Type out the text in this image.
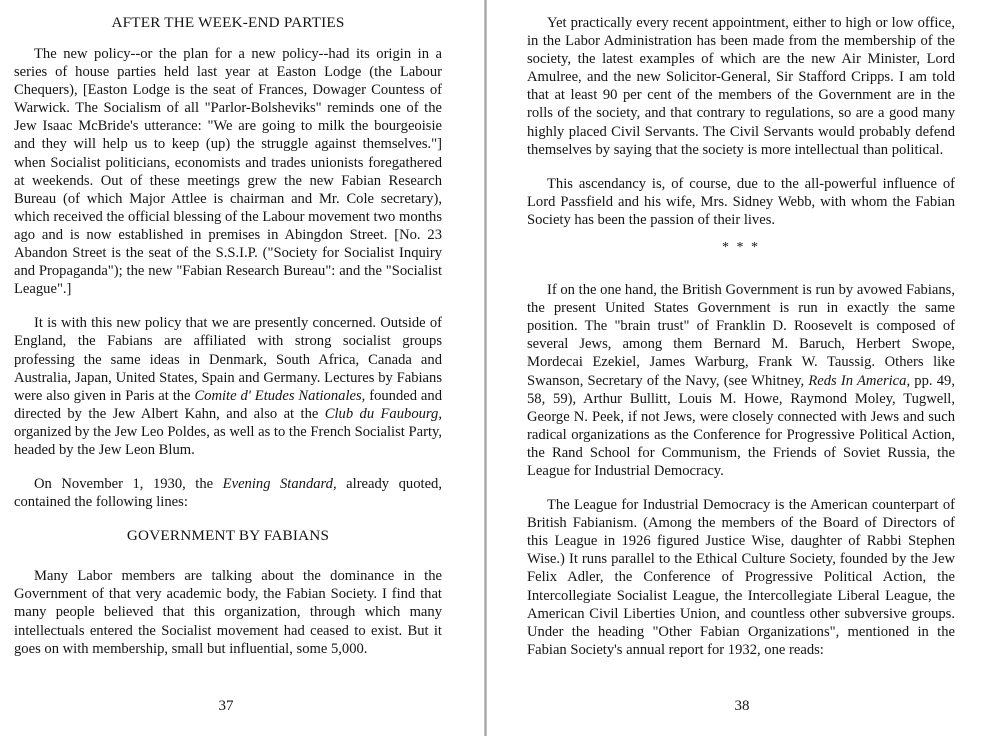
AFTER THE WEEK-END PARTIES

The new policy--or the plan for a new policy--had its origin in a series of house parties held last year at Easton Lodge (the Labour Chequers), [Easton Lodge is the seat of Frances, Dowager Countess of Warwick. The Socialism of all "Parlor-Bolsheviks" reminds one of the Jew Isaac McBride's utterance: "We are going to milk the bourgeoisie and they will help us to keep (up) the struggle against themselves."] when Socialist politicians, economists and trades unionists foregathered at weekends. Out of these meetings grew the new Fabian Research Bureau (of which Major Attlee is chairman and Mr. Cole secretary), which received the official blessing of the Labour movement two months ago and is now established in premises in Abingdon Street. [No. 23 Abandon Street is the seat of the S.S.I.P. ("Society for Socialist Inquiry and Propaganda"); the new "Fabian Research Bureau": and the "Socialist League".]

It is with this new policy that we are presently concerned. Outside of England, the Fabians are affiliated with strong socialist groups professing the same ideas in Denmark, South Africa, Canada and Australia, Japan, United States, Spain and Germany. Lectures by Fabians were also given in Paris at the Comite d' Etudes Nationales, founded and directed by the Jew Albert Kahn, and also at the Club du Faubourg, organized by the Jew Leo Poldes, as well as to the French Socialist Party, headed by the Jew Leon Blum.

On November 1, 1930, the Evening Standard, already quoted, contained the following lines:

GOVERNMENT BY FABIANS

Many Labor members are talking about the dominance in the Government of that very academic body, the Fabian Society. I find that many people believed that this organization, through which many intellectuals entered the Socialist movement had ceased to exist. But it goes on with membership, small but influential, some 5,000.

37

Yet practically every recent appointment, either to high or low office, in the Labor Administration has been made from the membership of the society, the latest examples of which are the new Air Minister, Lord Amulree, and the new Solicitor-General, Sir Stafford Cripps. I am told that at least 90 per cent of the members of the Government are in the rolls of the society, and that contrary to regulations, so are a good many highly placed Civil Servants. The Civil Servants would probably defend themselves by saying that the society is more intellectual than political.

This ascendancy is, of course, due to the all-powerful influence of Lord Passfield and his wife, Mrs. Sidney Webb, with whom the Fabian Society has been the passion of their lives.

* * *

If on the one hand, the British Government is run by avowed Fabians, the present United States Government is run in exactly the same position. The "brain trust" of Franklin D. Roosevelt is composed of several Jews, among them Bernard M. Baruch, Herbert Swope, Mordecai Ezekiel, James Warburg, Frank W. Taussig. Others like Swanson, Secretary of the Navy, (see Whitney, Reds In America, pp. 49, 58, 59), Arthur Bullitt, Louis M. Howe, Raymond Moley, Tugwell, George N. Peek, if not Jews, were closely connected with Jews and such radical organizations as the Conference for Progressive Political Action, the Rand School for Communism, the Friends of Soviet Russia, the League for Industrial Democracy.

The League for Industrial Democracy is the American counterpart of British Fabianism. (Among the members of the Board of Directors of this League in 1926 figured Justice Wise, daughter of Rabbi Stephen Wise.) It runs parallel to the Ethical Culture Society, founded by the Jew Felix Adler, the Conference of Progressive Political Action, the Intercollegiate Socialist League, the Intercollegiate Liberal League, the American Civil Liberties Union, and countless other subversive groups. Under the heading "Other Fabian Organizations", mentioned in the Fabian Society's annual report for 1932, one reads:

38
